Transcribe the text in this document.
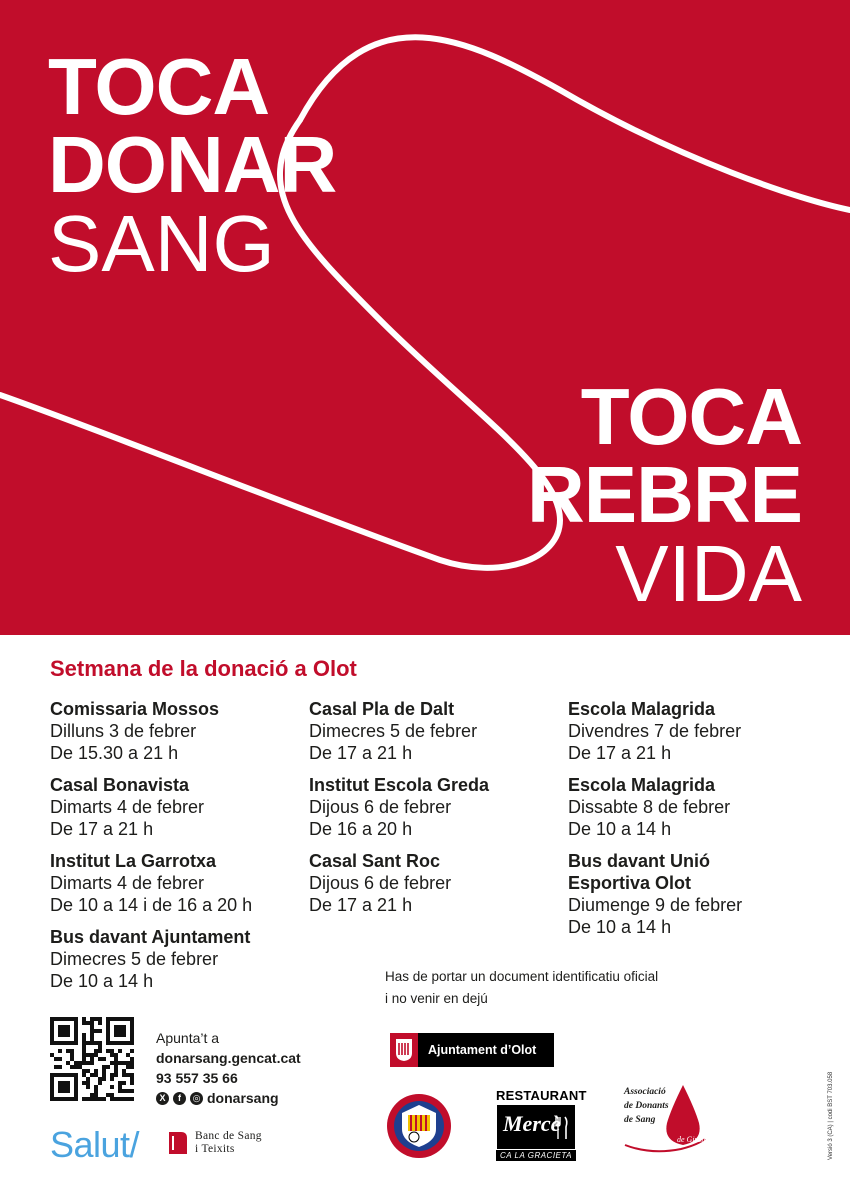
TOCA
DONAR
SANG
TOCA
REBRE
VIDA
Setmana de la donació a Olot
Comissaria Mossos
Dilluns 3 de febrer
De 15.30 a 21 h
Casal Bonavista
Dimarts 4 de febrer
De 17 a 21 h
Institut La Garrotxa
Dimarts 4 de febrer
De 10 a 14 i de 16 a 20 h
Bus davant Ajuntament
Dimecres 5 de febrer
De 10 a 14 h
Casal Pla de Dalt
Dimecres 5 de febrer
De 17 a 21 h
Institut Escola Greda
Dijous 6 de febrer
De 16 a 20 h
Casal Sant Roc
Dijous 6 de febrer
De 17 a 21 h
Escola Malagrida
Divendres 7 de febrer
De 17 a 21 h
Escola Malagrida
Dissabte 8 de febrer
De 10 a 14 h
Bus davant Unió
Esportiva Olot
Diumenge 9 de febrer
De 10 a 14 h
Has de portar un document identificatiu oficial
i no venir en dejú
Apunta’t a
donarsang.gencat.cat
93 557 35 66
X	f	◎ donarsang
Salut/	Banc de Sang
i Teixits
Ajuntament d’Olot
RESTAURANT
Mercè
CA LA GRACIETA
Associació
de Donants
de Sang
de Girona	Versió 3 (CA) | codi BST 703.058
